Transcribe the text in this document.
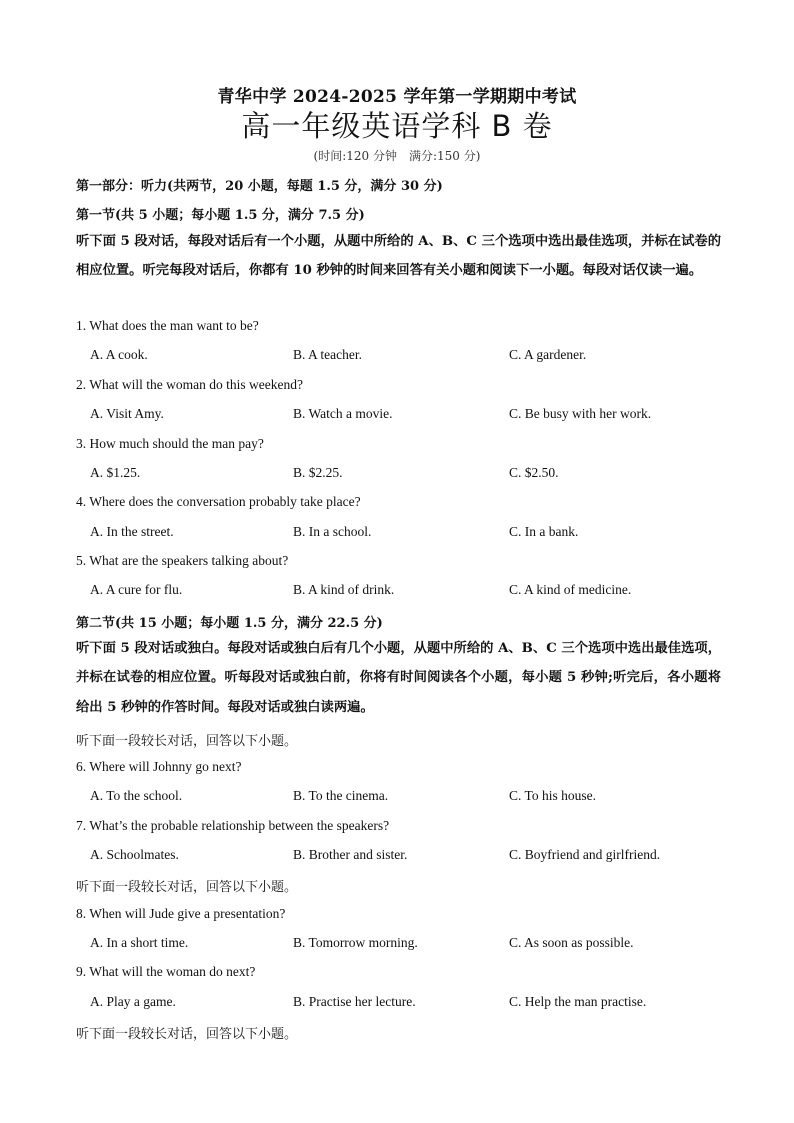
青华中学 2024-2025 学年第一学期期中考试
高一年级英语学科 B 卷
(时间:120 分钟　满分:150 分)
第一部分：听力(共两节，20 小题，每题 1.5 分，满分 30 分)
第一节(共 5 小题；每小题 1.5 分，满分 7.5 分)
听下面 5 段对话，每段对话后有一个小题，从题中所给的 A、B、C 三个选项中选出最佳选项，并标在试卷的相应位置。听完每段对话后，你都有 10 秒钟的时间来回答有关小题和阅读下一小题。每段对话仅读一遍。
1. What does the man want to be?
A. A cook.	B. A teacher.	C. A gardener.
2. What will the woman do this weekend?
A. Visit Amy.	B. Watch a movie.	C. Be busy with her work.
3. How much should the man pay?
A. $1.25.	B. $2.25.	C. $2.50.
4. Where does the conversation probably take place?
A. In the street.	B. In a school.	C. In a bank.
5. What are the speakers talking about?
A. A cure for flu.	B. A kind of drink.	C. A kind of medicine.
第二节(共 15 小题；每小题 1.5 分，满分 22.5 分)
听下面 5 段对话或独白。每段对话或独白后有几个小题，从题中所给的 A、B、C 三个选项中选出最佳选项，并标在试卷的相应位置。听每段对话或独白前，你将有时间阅读各个小题，每小题 5 秒钟;听完后，各小题将给出 5 秒钟的作答时间。每段对话或独白读两遍。
听下面一段较长对话，回答以下小题。
6. Where will Johnny go next?
A. To the school.	B. To the cinema.	C. To his house.
7. What’s the probable relationship between the speakers?
A. Schoolmates.	B. Brother and sister.	C. Boyfriend and girlfriend.
听下面一段较长对话，回答以下小题。
8. When will Jude give a presentation?
A. In a short time.	B. Tomorrow morning.	C. As soon as possible.
9. What will the woman do next?
A. Play a game.	B. Practise her lecture.	C. Help the man practise.
听下面一段较长对话，回答以下小题。
